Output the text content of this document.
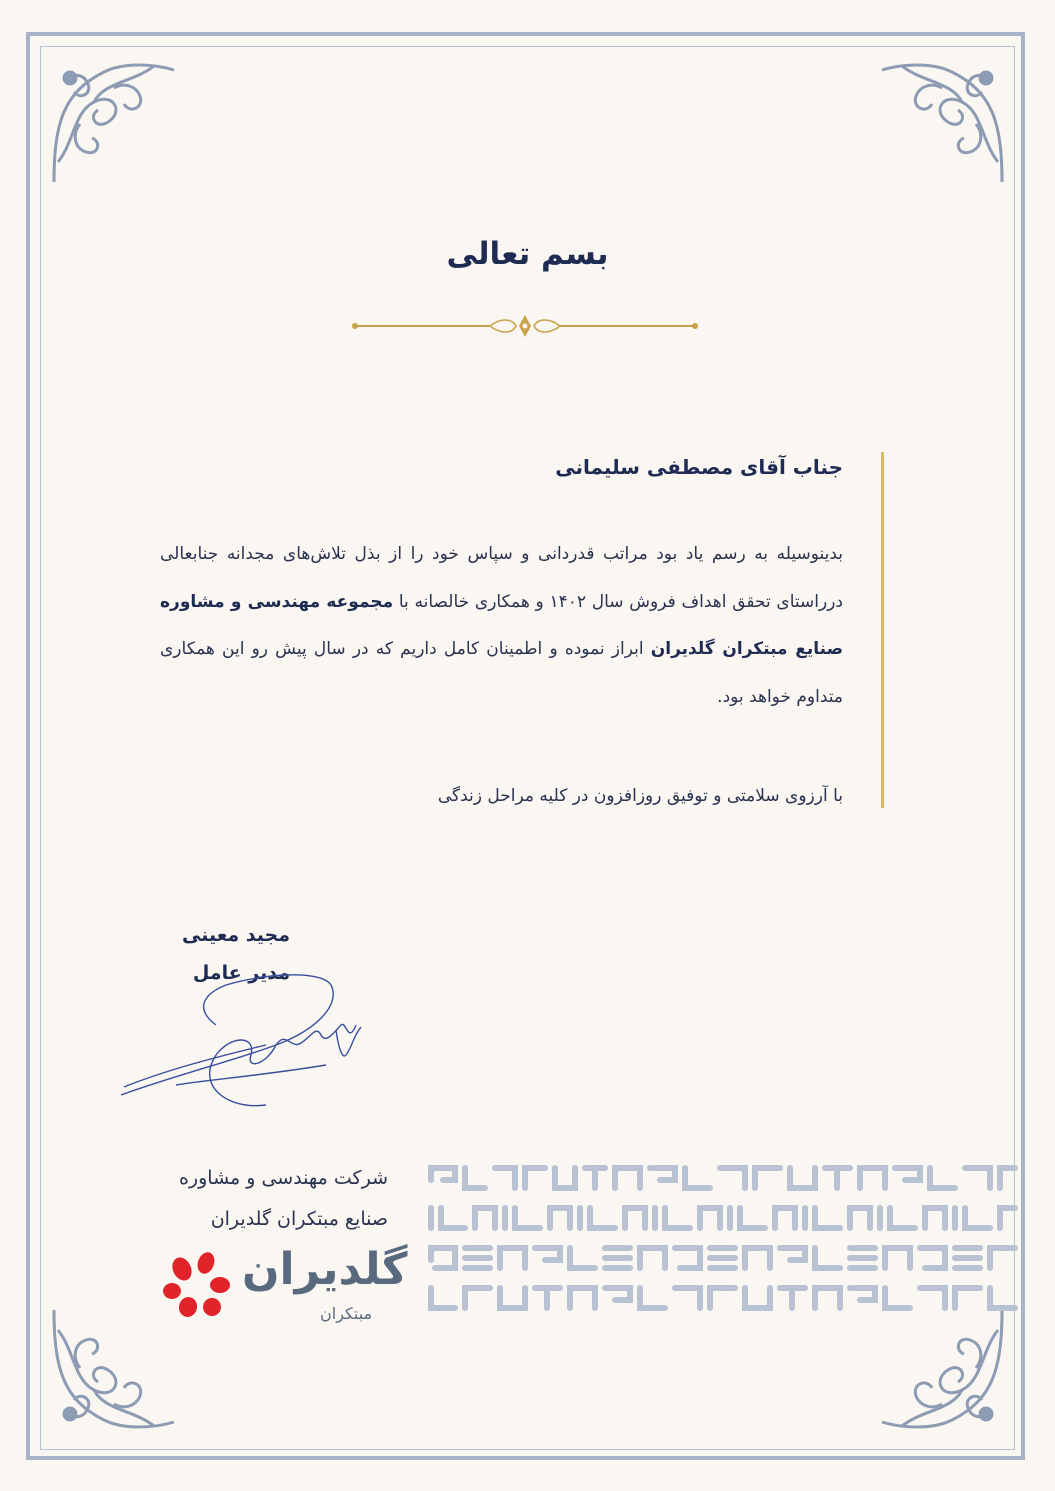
بسم تعالی
جناب آقای مصطفی سلیمانی
بدینوسیله به رسم یاد بود مراتب قدردانی و سپاس خود را از بذل تلاش‌های مجدانه جنابعالی درراستای تحقق اهداف فروش سال ۱۴۰۲ و همکاری خالصانه با مجموعه مهندسی و مشاوره صنایع مبتکران گلدیران ابراز نموده و اطمینان کامل داریم که در سال پیش رو این همکاری متداوم خواهد بود.
با آرزوی سلامتی و توفیق روزافزون در کلیه مراحل زندگی
مجید معینی
مدیر عامل
شرکت مهندسی و مشاوره
صنایع مبتکران گلدیران
گلدیران
مبتکران
